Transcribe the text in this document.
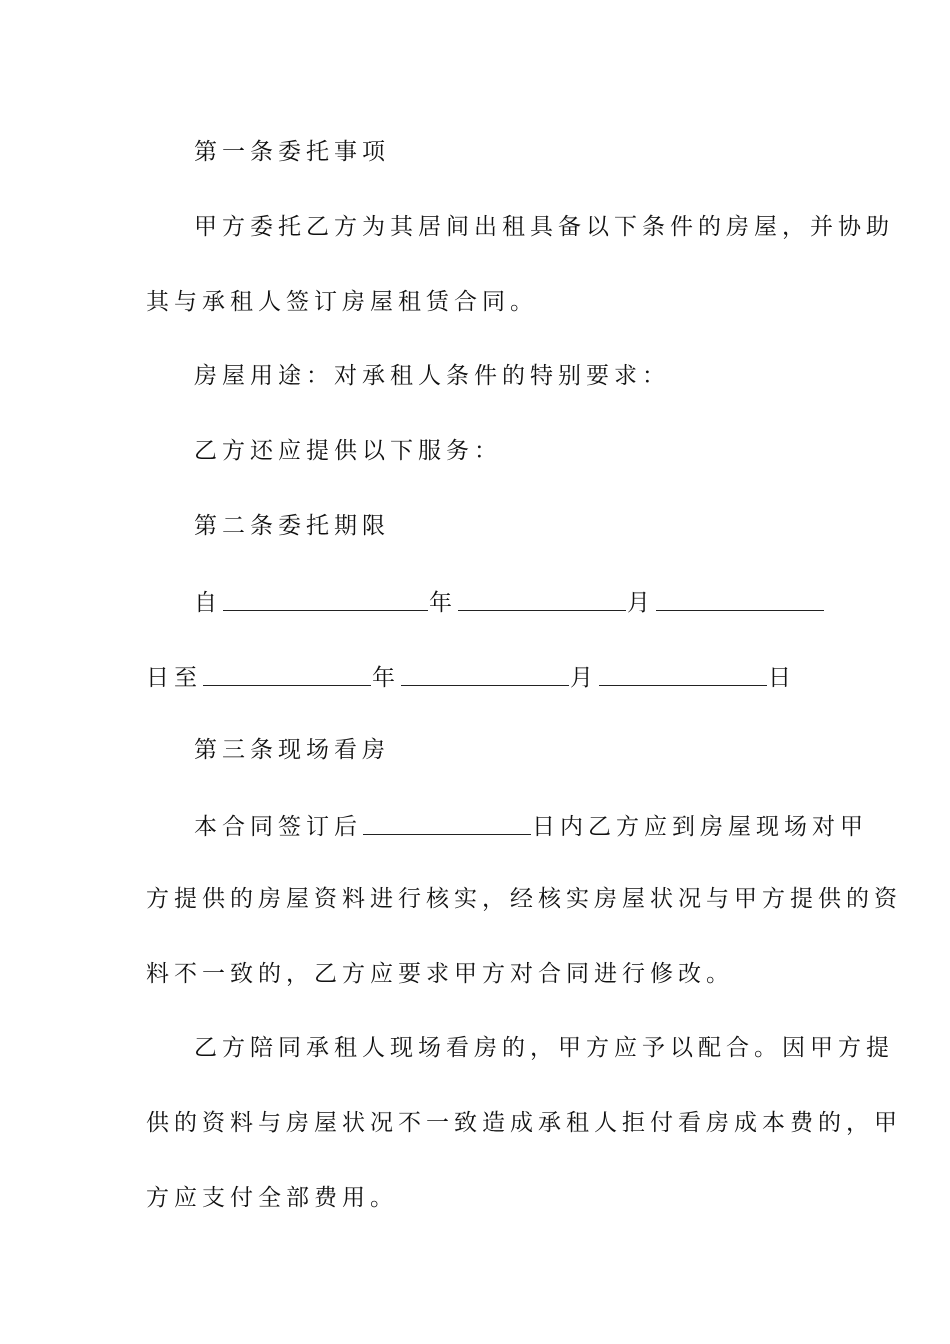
第一条委托事项
甲方委托乙方为其居间出租具备以下条件的房屋，并协助
其与承租人签订房屋租赁合同。
房屋用途：对承租人条件的特别要求：
乙方还应提供以下服务：
第二条委托期限
自	年	月
日至	年	月	日
第三条现场看房
本合同签订后	日内乙方应到房屋现场对甲
方提供的房屋资料进行核实，经核实房屋状况与甲方提供的资
料不一致的，乙方应要求甲方对合同进行修改。
乙方陪同承租人现场看房的，甲方应予以配合。因甲方提
供的资料与房屋状况不一致造成承租人拒付看房成本费的，甲
方应支付全部费用。
